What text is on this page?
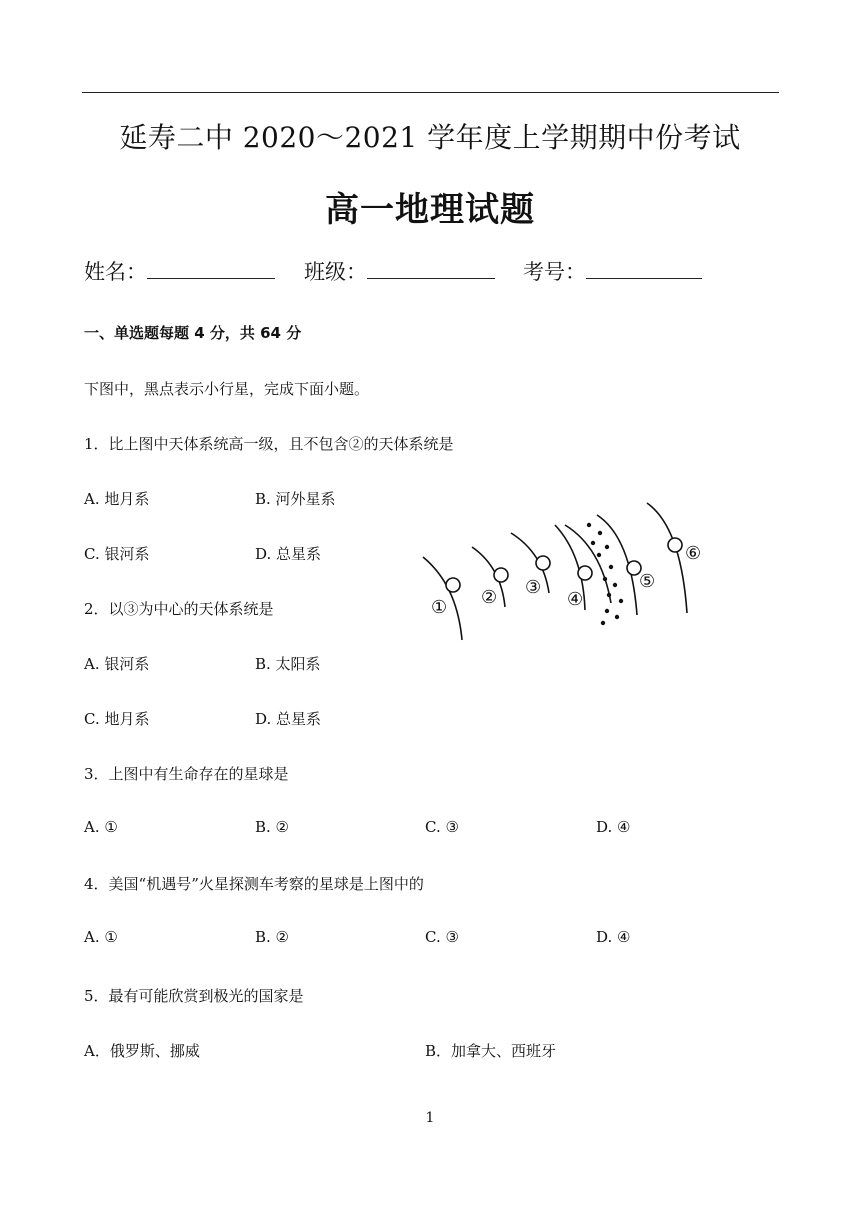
延寿二中 2020～2021 学年度上学期期中份考试
高一地理试题
姓名：	班级：	考号：
一、单选题每题 4 分，共 64 分
下图中，黑点表示小行星，完成下面小题。
1．比上图中天体系统高一级，且不包含②的天体系统是
A. 地月系	B. 河外星系
C. 银河系	D. 总星系
2．以③为中心的天体系统是
A. 银河系	B. 太阳系
C. 地月系	D. 总星系
3．上图中有生命存在的星球是
A. ①	B. ②	C. ③	D. ④
4．美国“机遇号”火星探测车考察的星球是上图中的
A. ①	B. ②	C. ③	D. ④
5．最有可能欣赏到极光的国家是
A．俄罗斯、挪威	B．加拿大、西班牙
① ② ③
④
⑤
⑥
1
